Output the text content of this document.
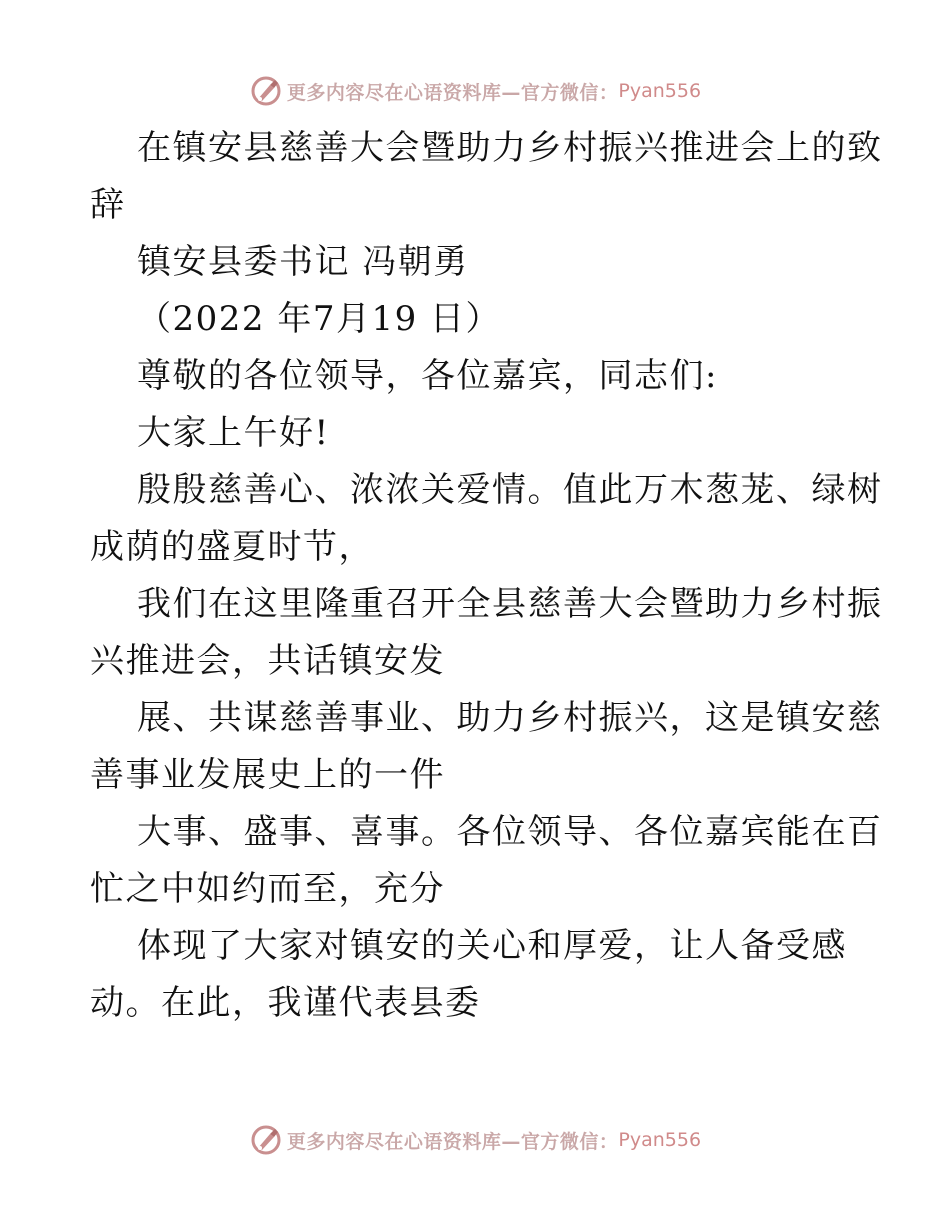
更多内容尽在心语资料库—官方微信： Pyan556
在镇安县慈善大会暨助力乡村振兴推进会上的致
辞
镇安县委书记 冯朝勇
（2022 年7月19 日）
尊敬的各位领导，各位嘉宾，同志们:
大家上午好!
殷殷慈善心、浓浓关爱情。值此万木葱茏、绿树
成荫的盛夏时节，
我们在这里隆重召开全县慈善大会暨助力乡村振
兴推进会，共话镇安发
展、共谋慈善事业、助力乡村振兴，这是镇安慈
善事业发展史上的一件
大事、盛事、喜事。各位领导、各位嘉宾能在百
忙之中如约而至，充分
体现了大家对镇安的关心和厚爱，让人备受感
动。在此，我谨代表县委
更多内容尽在心语资料库—官方微信： Pyan556
